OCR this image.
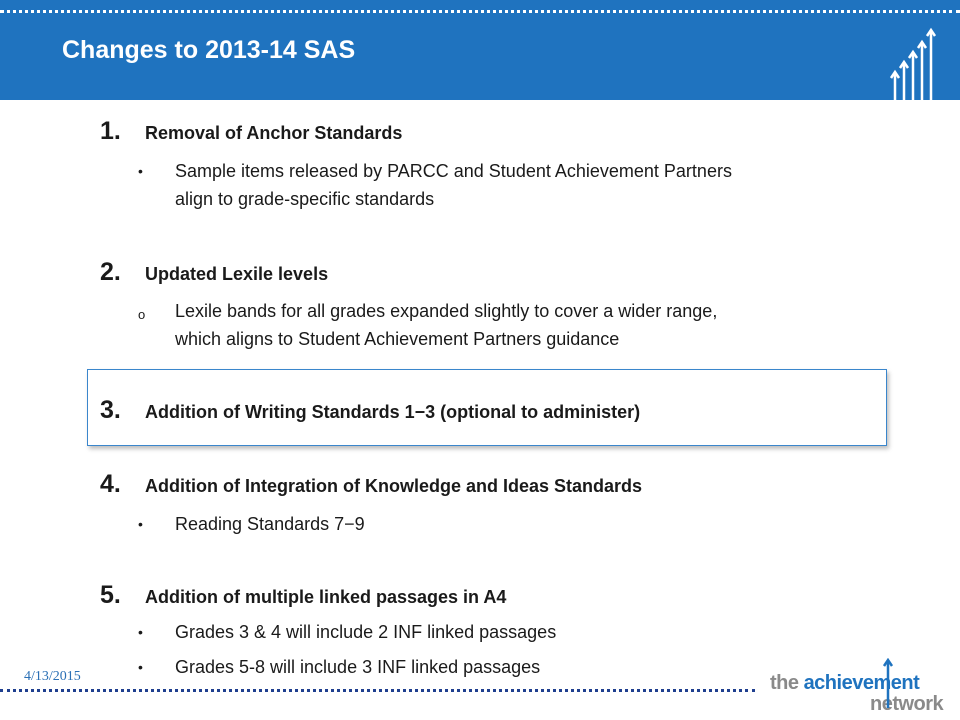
Changes to 2013-14 SAS
1. Removal of Anchor Standards
• Sample items released by PARCC and Student Achievement Partners
align to grade-specific standards
2. Updated Lexile levels
o Lexile bands for all grades expanded slightly to cover a wider range,
which aligns to Student Achievement Partners guidance
3. Addition of Writing Standards 1−3 (optional to administer)
4. Addition of Integration of Knowledge and Ideas Standards
• Reading Standards 7−9
5. Addition of multiple linked passages in A4
• Grades 3 & 4 will include 2 INF linked passages
• Grades 5-8 will include 3 INF linked passages
4/13/2015	the achievement
network
